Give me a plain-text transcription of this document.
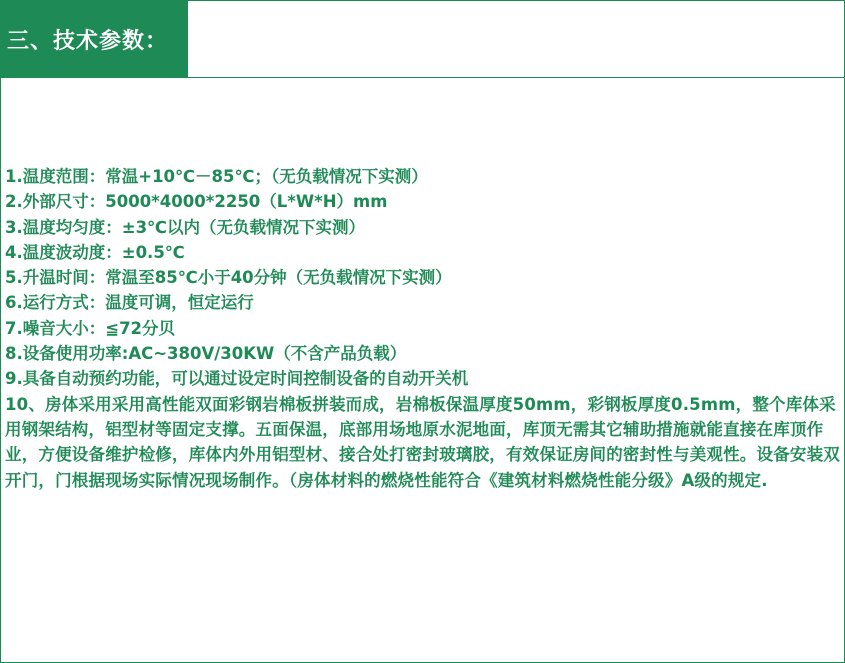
三、技术参数：
1.温度范围：常温+10℃－85℃；（无负载情况下实测）
2.外部尺寸：5000*4000*2250（L*W*H）mm
3.温度均匀度：±3℃以内（无负载情况下实测）
4.温度波动度：±0.5℃
5.升温时间：常温至85℃小于40分钟（无负载情况下实测）
6.运行方式：温度可调，恒定运行
7.噪音大小：≦72分贝
8.设备使用功率:AC~380V/30KW（不含产品负载）
9.具备自动预约功能，可以通过设定时间控制设备的自动开关机
10、房体采用采用高性能双面彩钢岩棉板拼装而成，岩棉板保温厚度50mm，彩钢板厚度0.5mm，整个库体采用钢架结构，铝型材等固定支撑。五面保温，底部用场地原水泥地面，库顶无需其它辅助措施就能直接在库顶作业，方便设备维护检修，库体内外用铝型材、接合处打密封玻璃胶，有效保证房间的密封性与美观性。设备安装双开门，门根据现场实际情况现场制作。（房体材料的燃烧性能符合《建筑材料燃烧性能分级》A级的规定.
